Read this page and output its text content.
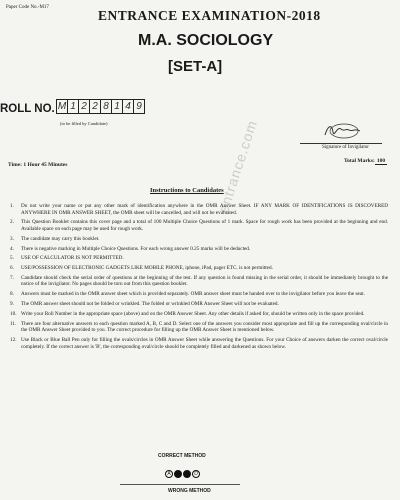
Paper Code No.-M17
ENTRANCE EXAMINATION-2018
M.A. SOCIOLOGY
[SET-A]
ROLL NO. M 1 2 2 8 1 4 9
(to be filled by Candidate)
Signature of Invigilator
Time: 1 Hour 45 Minutes
Total Marks: 100
Instructions to Candidates
entrance.com
1. Do not write your name or put any other mark of identification anywhere in the OMR Answer Sheet. IF ANY MARK OF IDENTIFICATIONS IS DISCOVERED ANYWHERE IN OMR ANSWER SHEET, the OMR sheet will be cancelled, and will not be evaluated.
2. This Question Booklet contains this cover page and a total of 100 Multiple Choice Questions of 1 mark. Space for rough work has been provided at the beginning and end. Available space on each page may be used for rough work.
3. The candidate may carry this booklet.
4. There is negative marking in Multiple Choice Questions. For each wrong answer 0.25 marks will be deducted.
5. USE OF CALCULATOR IS NOT PERMITTED.
6. USE/POSSESSION OF ELECTRONIC GADGETS LIKE MOBILE PHONE, iphone, iPad, pager ETC. is not permitted.
7. Candidate should check the serial order of questions at the beginning of the test. If any question is found missing in the serial order, it should be immediately brought to the notice of the invigilator. No pages should be torn out from this question booklet.
8. Answers must be marked in the OMR answer sheet which is provided separately. OMR answer sheet must be handed over to the invigilator before you leave the seat.
9. The OMR answer sheet should not be folded or wrinkled. The folded or wrinkled OMR Answer Sheet will not be evaluated.
10. Write your Roll Number in the appropriate space (above) and on the OMR Answer Sheet. Any other details if asked for, should be written only in the space provided.
11. There are four alternative answers to each question marked A, B, C and D. Select one of the answers you consider most appropriate and fill up the corresponding oval/circle in the OMR Answer Sheet provided to you. The correct procedure for filling up the OMR Answer Sheet is mentioned below.
12. Use Black or Blue Ball Pen only for filling the ovals/circles in OMR Answer Sheet while answering the Questions. For your Choice of answers darken the correct oval/circle completely. If the correct answer is 'B', the corresponding oval/circle should be completely filled and darkened as shown below.
CORRECT METHOD
A	B	C	D
WRONG METHOD
